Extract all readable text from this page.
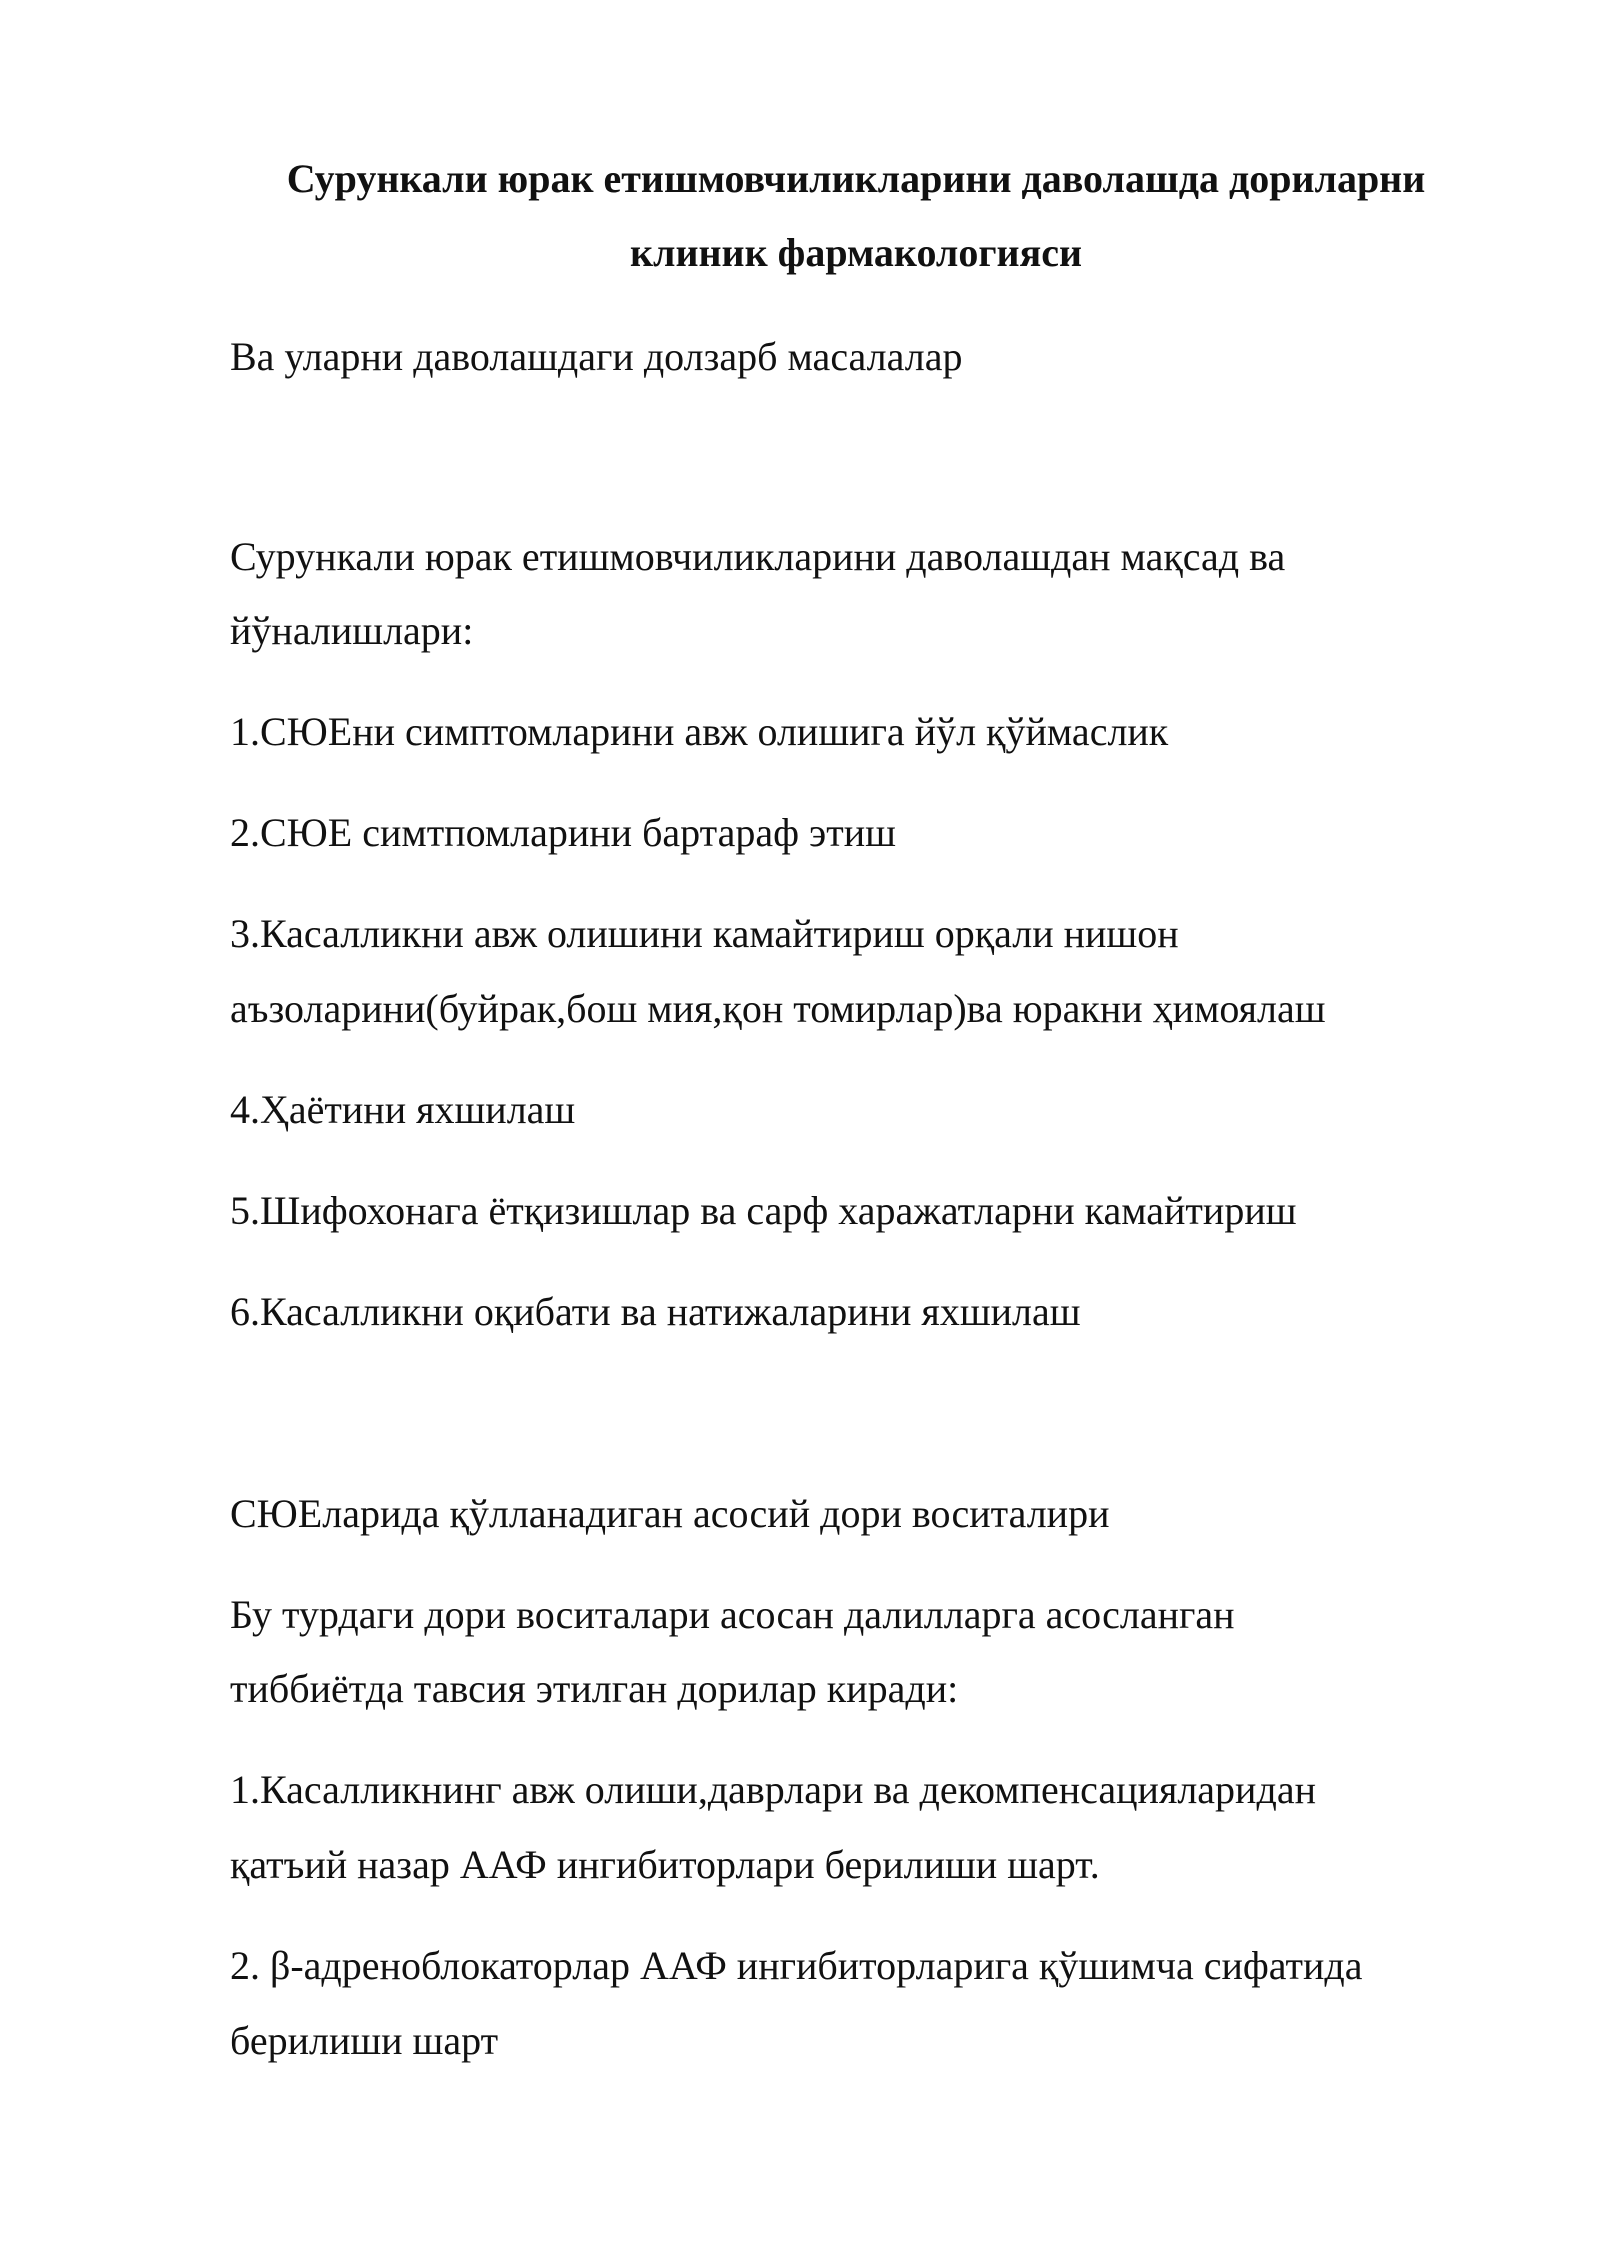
Сурункали юрак етишмовчиликларини даволашда дориларни
клиник фармакологияси

Ва уларни даволашдаги долзарб масалалар

Сурункали юрак етишмовчиликларини даволашдан мақсад ва

йўналишлари:

1.СЮЕни симптомларини авж олишига йўл қўймаслик

2.СЮЕ симтпомларини бартараф этиш

3.Касалликни авж олишини камайтириш орқали нишон

аъзоларини(буйрак,бош мия,қон томирлар)ва юракни ҳимоялаш

4.Ҳаётини яхшилаш

5.Шифохонага ётқизишлар ва сарф харажатларни камайтириш

6.Касалликни оқибати ва натижаларини яхшилаш

СЮЕларида қўлланадиган асосий дори воситалири

Бу турдаги дори воситалари асосан далилларга асосланган

тиббиётда тавсия этилган дорилар киради:

1.Касалликнинг авж олиши,даврлари ва декомпенсацияларидан

қатъий назар ААФ ингибиторлари берилиши шарт.

2. β-адреноблокаторлар ААФ ингибиторларига қўшимча сифатида

берилиши шарт
